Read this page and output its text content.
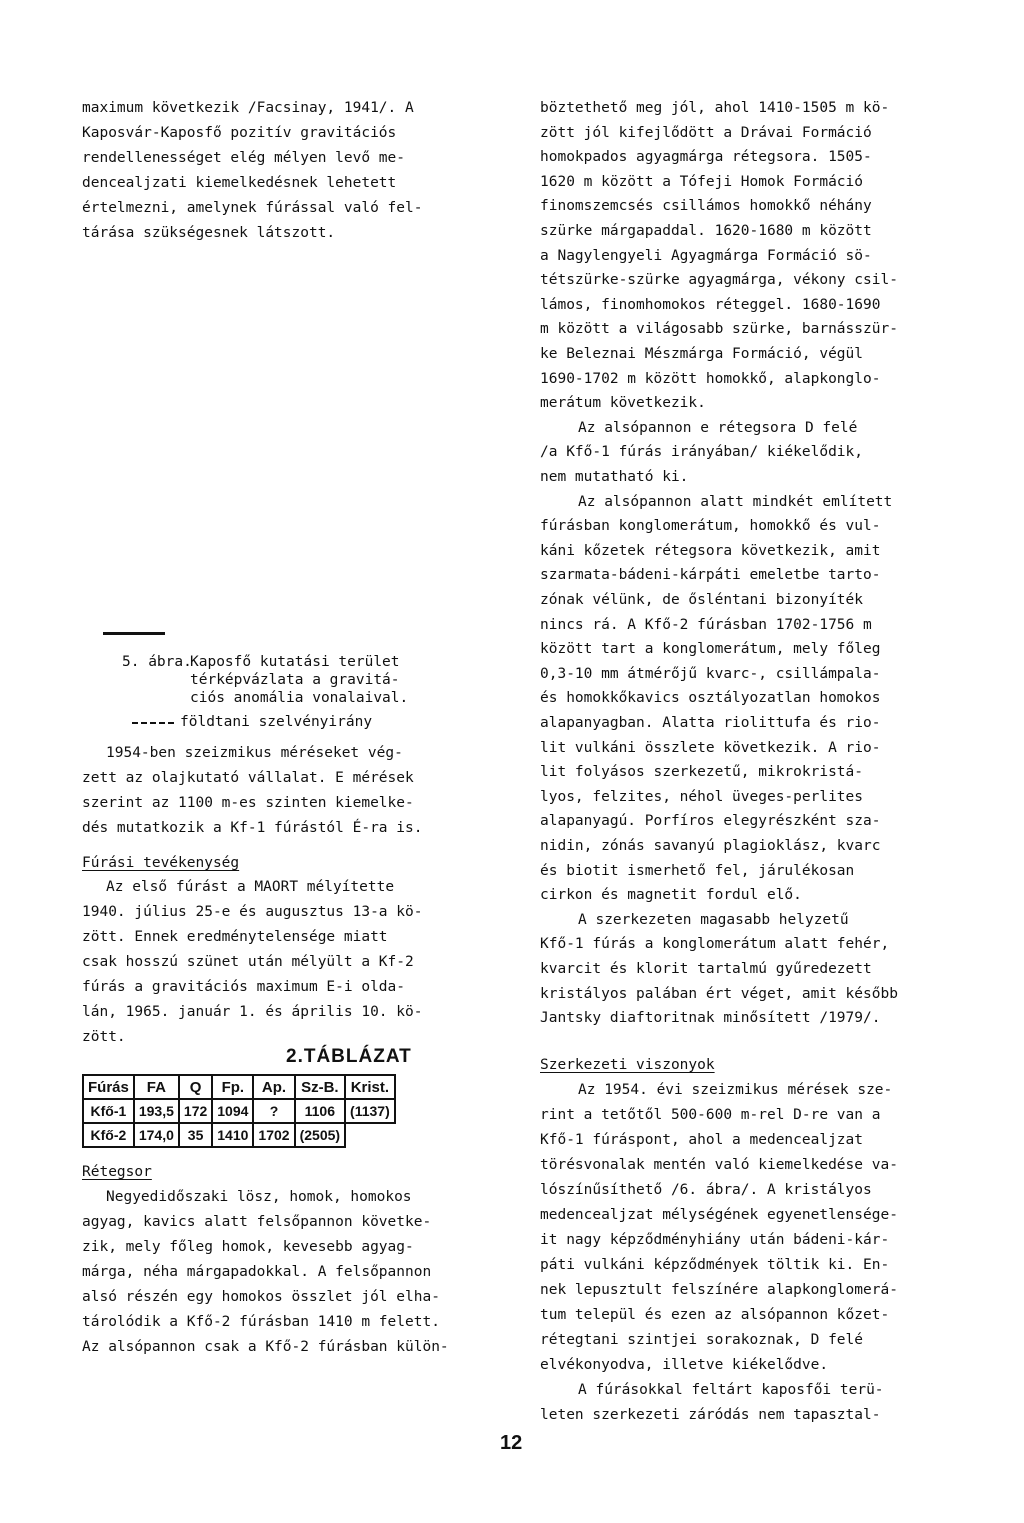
maximum következik /Facsinay, 1941/. A
Kaposvár-Kaposfő pozitív gravitációs
rendellenességet elég mélyen levő me-
dencealjzati kiemelkedésnek lehetett
értelmezni, amelynek fúrással való fel-
tárása szükségesnek látszott.
5. ábra.
Kaposfő kutatási terület
térképvázlata a gravitá-
ciós anomália vonalaival.
földtani szelvényirány
1954-ben szeizmikus méréseket vég-
zett az olajkutató vállalat. E mérések
szerint az 1100 m-es szinten kiemelke-
dés mutatkozik a Kf-1 fúrástól É-ra is.
Fúrási tevékenység
Az első fúrást a MAORT mélyítette
1940. július 25-e és augusztus 13-a kö-
zött. Ennek eredménytelensége miatt
csak hosszú szünet után mélyült a Kf-2
fúrás a gravitációs maximum E-i olda-
lán, 1965. január 1. és április 10. kö-
zött.
2.TÁBLÁZAT
Fúrás	FA	Q	Fp.	Ap.	Sz-B.	Krist.
Kfő-1	193,5	172	1094	?	1106	(1137)
Kfő-2	174,0	35	1410	1702	(2505)	
Rétegsor
Negyedidőszaki lösz, homok, homokos
agyag, kavics alatt felsőpannon követke-
zik, mely főleg homok, kevesebb agyag-
márga, néha márgapadokkal. A felsőpannon
alsó részén egy homokos összlet jól elha-
tárolódik a Kfő-2 fúrásban 1410 m felett.
Az alsópannon csak a Kfő-2 fúrásban külön-
böztethető meg jól, ahol 1410-1505 m kö-
zött jól kifejlődött a Drávai Formáció
homokpados agyagmárga rétegsora. 1505-
1620 m között a Tófeji Homok Formáció
finomszemcsés csillámos homokkő néhány
szürke márgapaddal. 1620-1680 m között
a Nagylengyeli Agyagmárga Formáció sö-
tétszürke-szürke agyagmárga, vékony csil-
lámos, finomhomokos réteggel. 1680-1690
m között a világosabb szürke, barnásszür-
ke Beleznai Mészmárga Formáció, végül
1690-1702 m között homokkő, alapkonglo-
merátum következik.
Az alsópannon e rétegsora D felé
/a Kfő-1 fúrás irányában/ kiékelődik,
nem mutatható ki.
Az alsópannon alatt mindkét említett
fúrásban konglomerátum, homokkő és vul-
káni kőzetek rétegsora következik, amit
szarmata-bádeni-kárpáti emeletbe tarto-
zónak vélünk, de ősléntani bizonyíték
nincs rá. A Kfő-2 fúrásban 1702-1756 m
között tart a konglomerátum, mely főleg
0,3-10 mm átmérőjű kvarc-, csillámpala-
és homokkőkavics osztályozatlan homokos
alapanyagban. Alatta riolittufa és rio-
lit vulkáni összlete következik. A rio-
lit folyásos szerkezetű, mikrokristá-
lyos, felzites, néhol üveges-perlites
alapanyagú. Porfíros elegyrészként sza-
nidin, zónás savanyú plagioklász, kvarc
és biotit ismerhető fel, járulékosan
cirkon és magnetit fordul elő.
A szerkezeten magasabb helyzetű
Kfő-1 fúrás a konglomerátum alatt fehér,
kvarcit és klorit tartalmú gyűredezett
kristályos palában ért véget, amit később
Jantsky diaftoritnak minősített /1979/.
Szerkezeti viszonyok
Az 1954. évi szeizmikus mérések sze-
rint a tetőtől 500-600 m-rel D-re van a
Kfő-1 fúráspont, ahol a medencealjzat
törésvonalak mentén való kiemelkedése va-
lószínűsíthető /6. ábra/. A kristályos
medencealjzat mélységének egyenetlensége-
it nagy képződményhiány után bádeni-kár-
páti vulkáni képződmények töltik ki. En-
nek lepusztult felszínére alapkonglomerá-
tum települ és ezen az alsópannon kőzet-
rétegtani szintjei sorakoznak, D felé
elvékonyodva, illetve kiékelődve.
A fúrásokkal feltárt kaposfői terü-
leten szerkezeti záródás nem tapasztal-
12
